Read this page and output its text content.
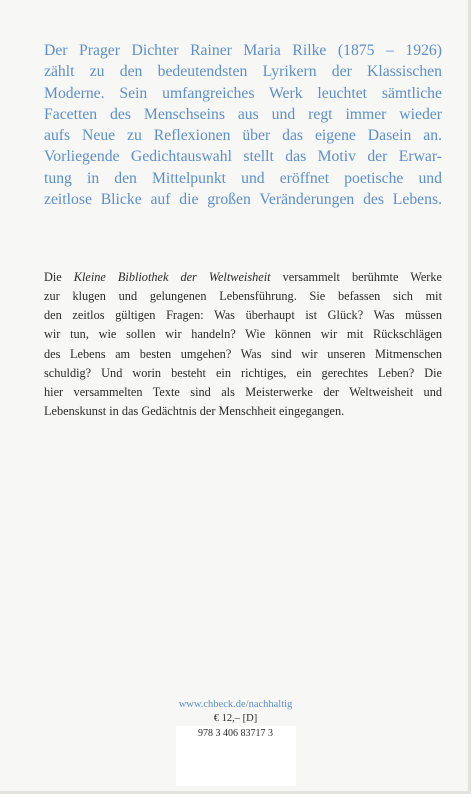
Der Prager Dichter Rainer Maria Rilke (1875 – 1926)
zählt zu den bedeutendsten Lyrikern der Klassischen
Moderne. Sein umfangreiches Werk leuchtet sämtliche
Facetten des Menschseins aus und regt immer wieder
aufs Neue zu Reflexionen über das eigene Dasein an.
Vorliegende Gedichtauswahl stellt das Motiv der Erwar-
tung in den Mittelpunkt und eröffnet poetische und
zeitlose Blicke auf die großen Veränderungen des Lebens.
Die Kleine Bibliothek der Weltweisheit versammelt berühmte Werke
zur klugen und gelungenen Lebensführung. Sie befassen sich mit
den zeitlos gültigen Fragen: Was überhaupt ist Glück? Was müssen
wir tun, wie sollen wir handeln? Wie können wir mit Rückschlägen
des Lebens am besten umgehen? Was sind wir unseren Mitmenschen
schuldig? Und worin besteht ein richtiges, ein gerechtes Leben? Die
hier versammelten Texte sind als Meisterwerke der Weltweisheit und
Lebenskunst in das Gedächtnis der Menschheit eingegangen.
www.chbeck.de/nachhaltig
€ 12,– [D]
978 3 406 83717 3
